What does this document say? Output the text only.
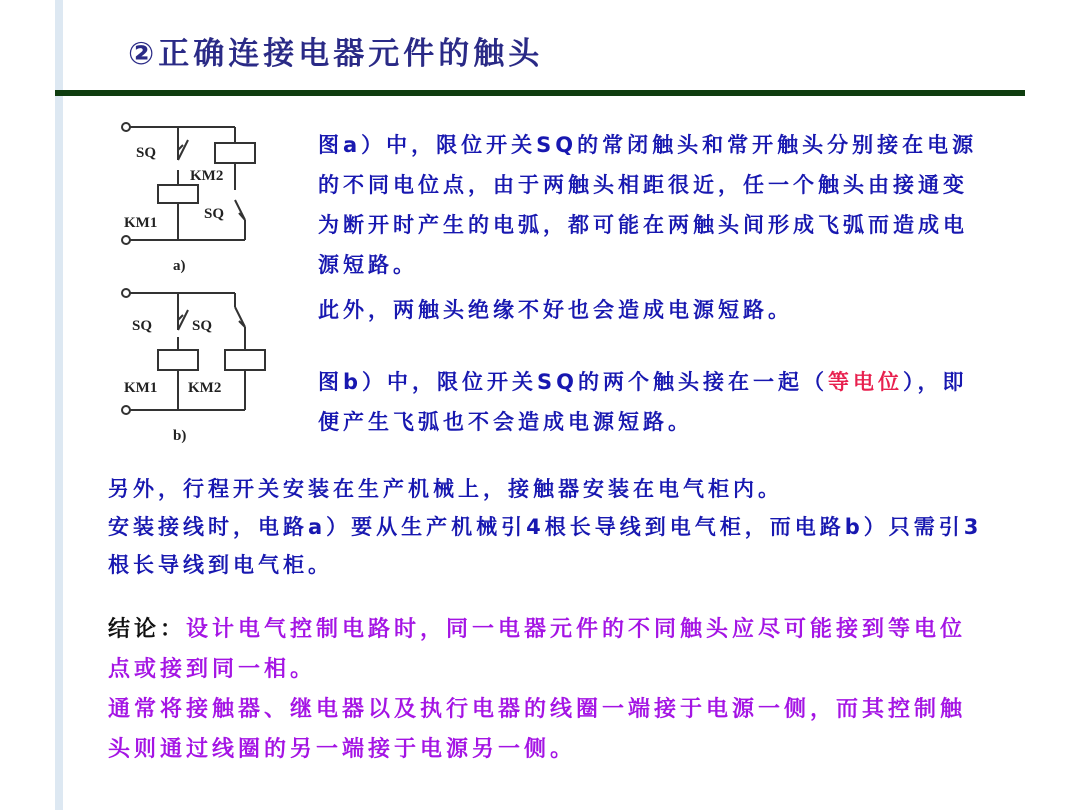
②正确连接电器元件的触头
SQ
KM2
SQ
KM1
a)
SQ	SQ
KM1 KM2
b)
图a）中，限位开关SQ的常闭触头和常开触头分别接在电源的不同电位点，由于两触头相距很近，任一个触头由接通变为断开时产生的电弧，都可能在两触头间形成飞弧而造成电源短路。
此外，两触头绝缘不好也会造成电源短路。
图b）中，限位开关SQ的两个触头接在一起（等电位），即便产生飞弧也不会造成电源短路。
另外，行程开关安装在生产机械上，接触器安装在电气柜内。
安装接线时，电路a）要从生产机械引4根长导线到电气柜，而电路b）只需引3根长导线到电气柜。
结论：设计电气控制电路时，同一电器元件的不同触头应尽可能接到等电位点或接到同一相。
通常将接触器、继电器以及执行电器的线圈一端接于电源一侧，而其控制触头则通过线圈的另一端接于电源另一侧。
